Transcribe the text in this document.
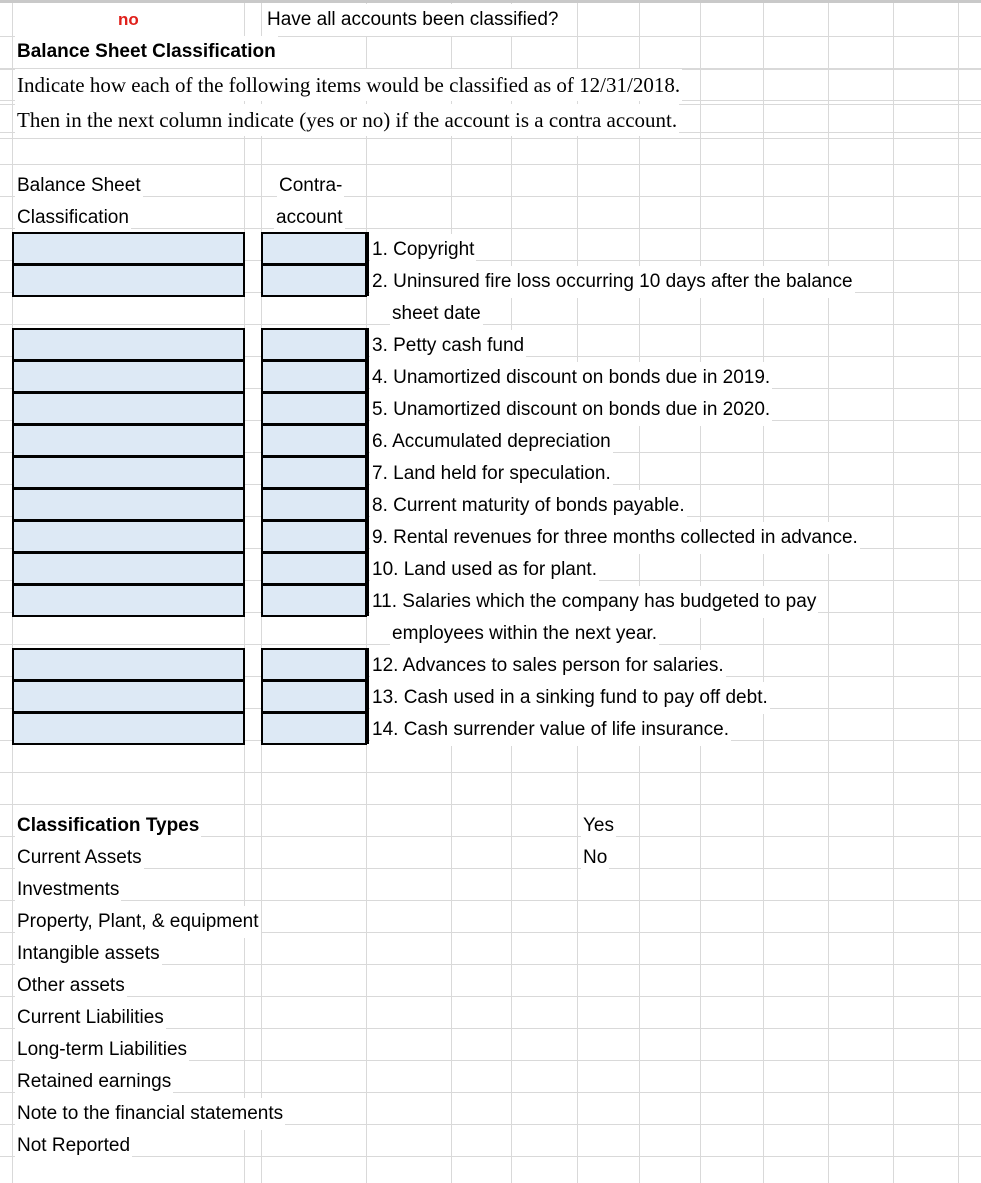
no	Have all accounts been classified?
Balance Sheet Classification
Indicate how each of the following items would be classified as of 12/31/2018.
Then in the next column indicate (yes or no) if the account is a contra account.
Balance Sheet
Classification
Contra-
account
1. Copyright
2. Uninsured fire loss occurring 10 days after the balance
sheet date
3. Petty cash fund
4. Unamortized discount on bonds due in 2019.
5. Unamortized discount on bonds due in 2020.
6. Accumulated depreciation
7. Land held for speculation.
8. Current maturity of bonds payable.
9. Rental revenues for three months collected in advance.
10. Land used as for plant.
11. Salaries which the company has budgeted to pay
employees within the next year.
12. Advances to sales person for salaries.
13. Cash used in a sinking fund to pay off debt.
14. Cash surrender value of life insurance.
Classification Types
Current Assets
Investments
Property, Plant, & equipment
Intangible assets
Other assets
Current Liabilities
Long-term Liabilities
Retained earnings
Note to the financial statements
Not Reported
Yes
No
